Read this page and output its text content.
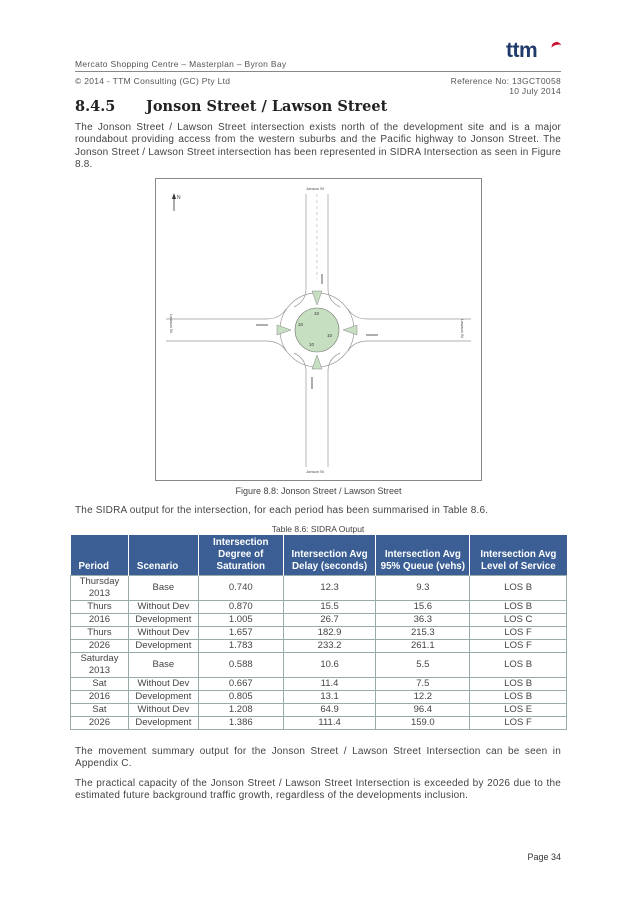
Mercato Shopping Centre – Masterplan – Byron Bay
© 2014 - TTM Consulting (GC) Pty Ltd	Reference No: 13GCT0058
10 July 2014
ttm
8.4.5 Jonson Street / Lawson Street
The Jonson Street / Lawson Street intersection exists north of the development site and is a major roundabout providing access from the western suburbs and the Pacific highway to Jonson Street. The Jonson Street / Lawson Street intersection has been represented in SIDRA Intersection as seen in Figure 8.8.
N
10
10
10
10
Jonson St
Jonson St
Lawson St	Lawson St
Figure 8.8: Jonson Street / Lawson Street
The SIDRA output for the intersection, for each period has been summarised in Table 8.6.
Table 8.6: SIDRA Output
Period	Scenario	Intersection Degree of Saturation	Intersection Avg Delay (seconds)	Intersection Avg 95% Queue (vehs)	Intersection Avg Level of Service
Thursday 2013	Base	0.740	12.3	9.3	LOS B
Thurs	Without Dev	0.870	15.5	15.6	LOS B
2016	Development	1.005	26.7	36.3	LOS C
Thurs	Without Dev	1.657	182.9	215.3	LOS F
2026	Development	1.783	233.2	261.1	LOS F
Saturday 2013	Base	0.588	10.6	5.5	LOS B
Sat	Without Dev	0.667	11.4	7.5	LOS B
2016	Development	0.805	13.1	12.2	LOS B
Sat	Without Dev	1.208	64.9	96.4	LOS E
2026	Development	1.386	111.4	159.0	LOS F
The movement summary output for the Jonson Street / Lawson Street Intersection can be seen in Appendix C.
The practical capacity of the Jonson Street / Lawson Street Intersection is exceeded by 2026 due to the estimated future background traffic growth, regardless of the developments inclusion.
Page 34
